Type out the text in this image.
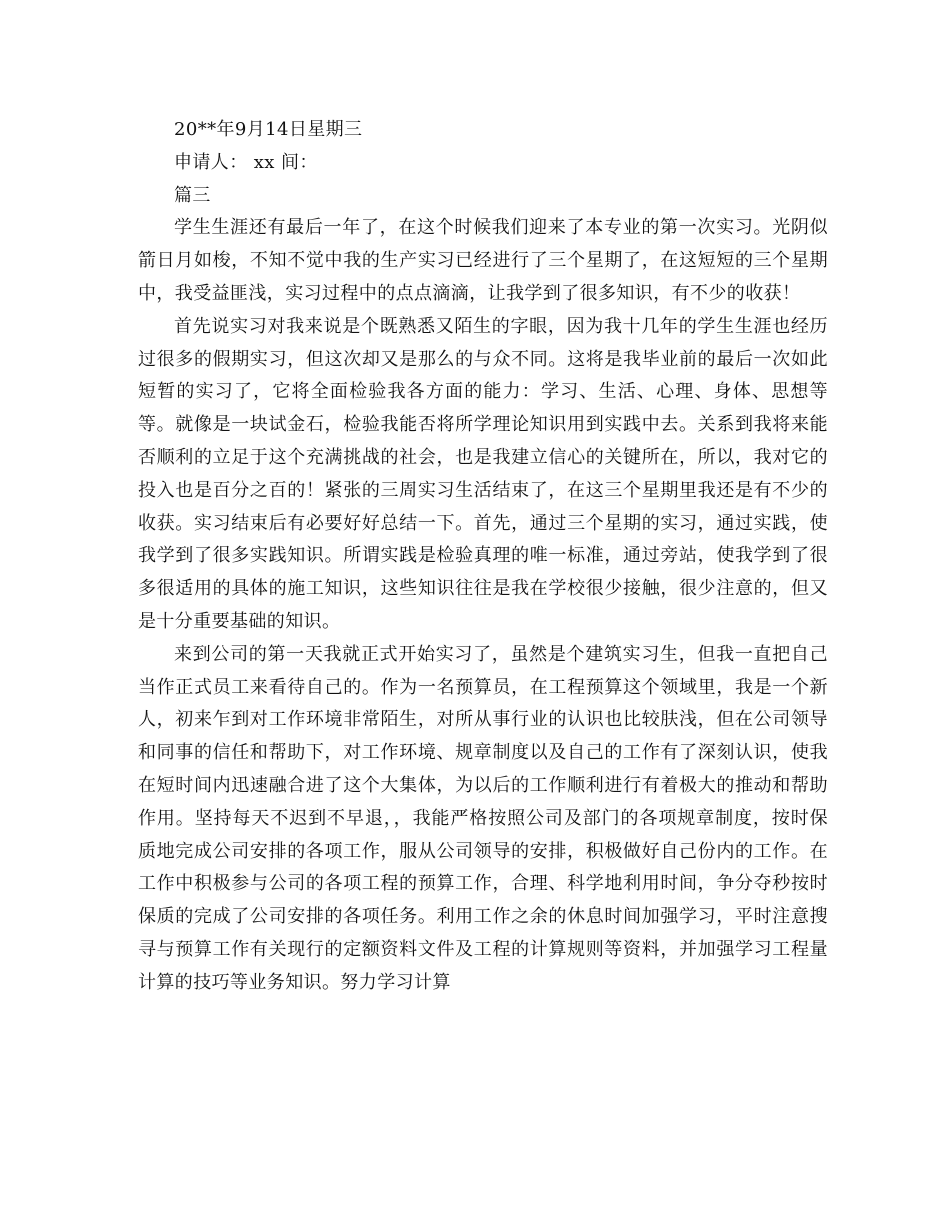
20**年9月14日星期三

申请人： xx 间：

篇三

学生生涯还有最后一年了，在这个时候我们迎来了本专业的第一次实习。光阴似箭日月如梭，不知不觉中我的生产实习已经进行了三个星期了，在这短短的三个星期中，我受益匪浅，实习过程中的点点滴滴，让我学到了很多知识，有不少的收获！

首先说实习对我来说是个既熟悉又陌生的字眼，因为我十几年的学生生涯也经历过很多的假期实习，但这次却又是那么的与众不同。这将是我毕业前的最后一次如此短暂的实习了，它将全面检验我各方面的能力：学习、生活、心理、身体、思想等等。就像是一块试金石，检验我能否将所学理论知识用到实践中去。关系到我将来能否顺利的立足于这个充满挑战的社会，也是我建立信心的关键所在，所以，我对它的投入也是百分之百的！紧张的三周实习生活结束了，在这三个星期里我还是有不少的收获。实习结束后有必要好好总结一下。首先，通过三个星期的实习，通过实践，使我学到了很多实践知识。所谓实践是检验真理的唯一标准，通过旁站，使我学到了很多很适用的具体的施工知识，这些知识往往是我在学校很少接触，很少注意的，但又是十分重要基础的知识。

来到公司的第一天我就正式开始实习了，虽然是个建筑实习生，但我一直把自己当作正式员工来看待自己的。作为一名预算员，在工程预算这个领域里，我是一个新人，初来乍到对工作环境非常陌生，对所从事行业的认识也比较肤浅，但在公司领导和同事的信任和帮助下，对工作环境、规章制度以及自己的工作有了深刻认识，使我在短时间内迅速融合进了这个大集体，为以后的工作顺利进行有着极大的推动和帮助作用。坚持每天不迟到不早退，，我能严格按照公司及部门的各项规章制度，按时保质地完成公司安排的各项工作，服从公司领导的安排，积极做好自己份内的工作。在工作中积极参与公司的各项工程的预算工作，合理、科学地利用时间，争分夺秒按时保质的完成了公司安排的各项任务。利用工作之余的休息时间加强学习，平时注意搜寻与预算工作有关现行的定额资料文件及工程的计算规则等资料，并加强学习工程量计算的技巧等业务知识。努力学习计算
